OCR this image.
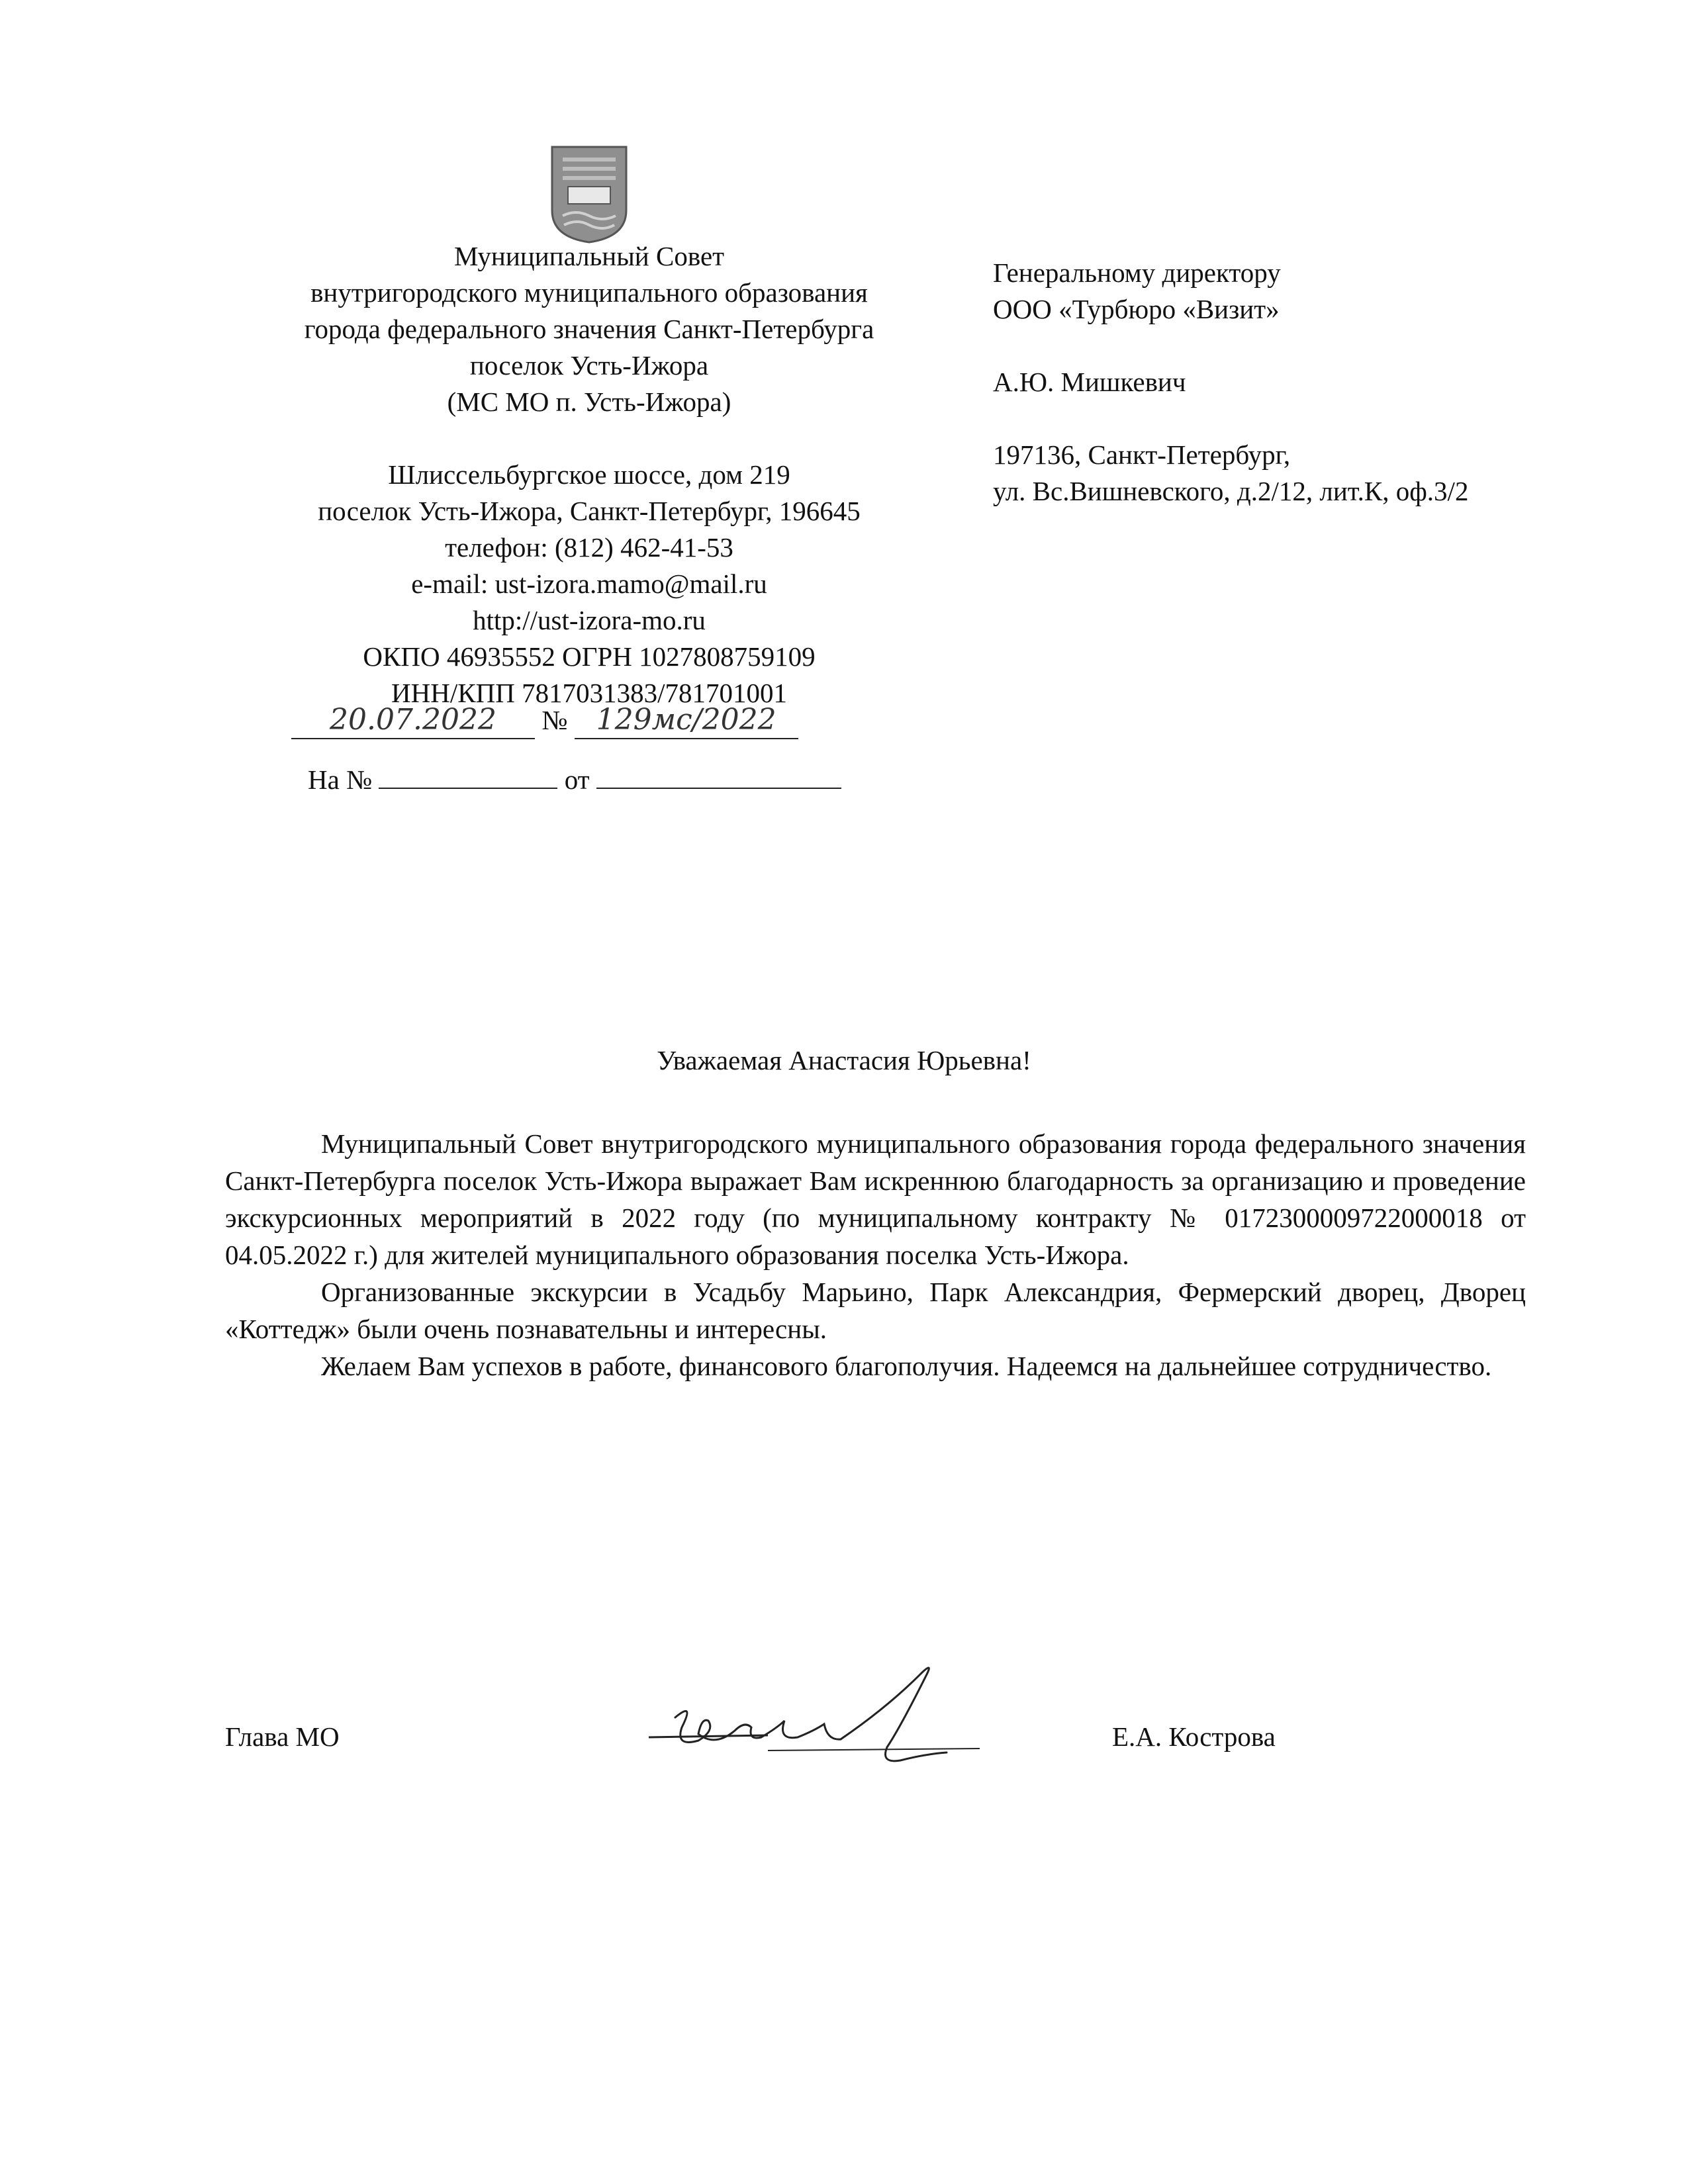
Муниципальный Совет
внутригородского муниципального образования
города федерального значения Санкт-Петербурга
поселок Усть-Ижора
(МС МО п. Усть-Ижора)
Шлиссельбургское шоссе, дом 219
поселок Усть-Ижора, Санкт-Петербург, 196645
телефон: (812) 462-41-53
e-mail: ust-izora.mamo@mail.ru
http://ust-izora-mo.ru
ОКПО 46935552 ОГРН 1027808759109
ИНН/КПП 7817031383/781701001
20.07.2022 № 129мс/2022
На №	от
Генеральному директору
ООО «Турбюро «Визит»
А.Ю. Мишкевич
197136, Санкт-Петербург,
ул. Вс.Вишневского, д.2/12, лит.К, оф.3/2
Уважаемая Анастасия Юрьевна!

Муниципальный Совет внутригородского муниципального образования города федерального значения Санкт-Петербурга поселок Усть-Ижора выражает Вам искреннюю благодарность за организацию и проведение экскурсионных мероприятий в 2022 году (по муниципальному контракту № 0172300009722000018 от 04.05.2022 г.) для жителей муниципального образования поселка Усть-Ижора.

Организованные экскурсии в Усадьбу Марьино, Парк Александрия, Фермерский дворец, Дворец «Коттедж» были очень познавательны и интересны.

Желаем Вам успехов в работе, финансового благополучия. Надеемся на дальнейшее сотрудничество.

Глава МО	Е.А. Кострова
